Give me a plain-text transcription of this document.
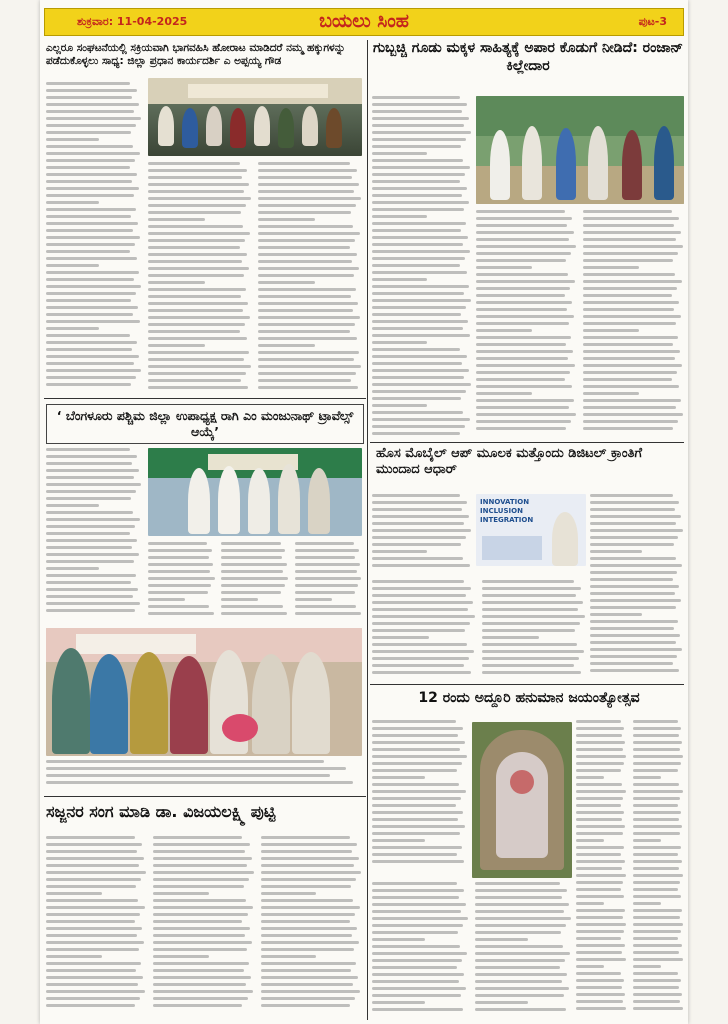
ಶುಕ್ರವಾರ: 11-04-2025	ಬಯಲು ಸಿಂಹ	ಪುಟ-3
ಎಲ್ಲರೂ ಸಂಘಟನೆಯಲ್ಲಿ ಸಕ್ರಿಯವಾಗಿ ಭಾಗವಹಿಸಿ ಹೋರಾಟ ಮಾಡಿದರೆ ನಮ್ಮ ಹಕ್ಕುಗಳನ್ನು ಪಡೆದುಕೊಳ್ಳಲು ಸಾಧ್ಯ: ಜಿಲ್ಲಾ ಪ್ರಧಾನ ಕಾರ್ಯದರ್ಶಿ ಎ ಅಪ್ಪಯ್ಯ ಗೌಡ
‘ ಬೆಂಗಳೂರು ಪಶ್ಚಿಮ ಜಿಲ್ಲಾ ಉಪಾಧ್ಯಕ್ಷ ರಾಗಿ ಎಂ ಮಂಜುನಾಥ್ ಟ್ರಾವೆಲ್ಸ್ ಆಯ್ಕೆ’
ಸಜ್ಜನರ ಸಂಗ ಮಾಡಿ ಡಾ. ವಿಜಯಲಕ್ಷ್ಮಿ ಪುಟ್ಟಿ
ಗುಬ್ಬಚ್ಚಿ ಗೂಡು ಮಕ್ಕಳ ಸಾಹಿತ್ಯಕ್ಕೆ ಅಪಾರ ಕೊಡುಗೆ ನೀಡಿದೆ: ರಂಜಾನ್ ಕಿಲ್ಲೇದಾರ
ಹೊಸ ಮೊಬೈಲ್ ಆಪ್ ಮೂಲಕ ಮತ್ತೊಂದು ಡಿಜಿಟಲ್ ಕ್ರಾಂತಿಗೆ ಮುಂದಾದ ಆಧಾರ್
INNOVATION
INCLUSION
INTEGRATION
12 ರಂದು ಅದ್ದೂರಿ ಹನುಮಾನ ಜಯಂತ್ಯೋತ್ಸವ
